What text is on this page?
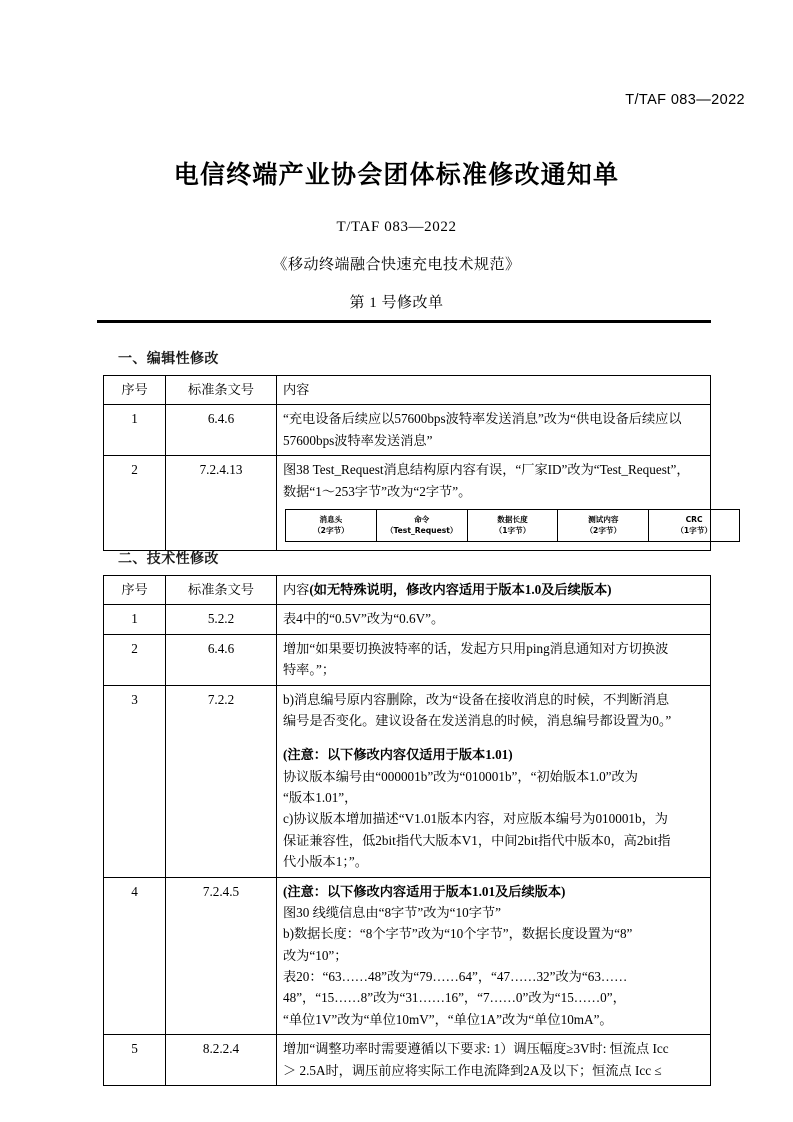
T/TAF 083—2022
电信终端产业协会团体标准修改通知单
T/TAF 083—2022
《移动终端融合快速充电技术规范》
第 1 号修改单
一、编辑性修改
序号	标准条文号	内容
1	6.4.6	“充电设备后续应以57600bps波特率发送消息”改为“供电设备后续应以
57600bps波特率发送消息”

2	7.2.4.13	图38 Test_Request消息结构原内容有误，“厂家ID”改为“Test_Request”，
数据“1～253字节”改为“2字节”。
消息头
（2字节）

命令
（Test_Request）

数据长度
（1字节）

测试内容
（2字节）

CRC
（1字节）
二、技术性修改
序号	标准条文号	内容(如无特殊说明，修改内容适用于版本1.0及后续版本)
1	5.2.2	表4中的“0.5V”改为“0.6V”。

2	6.4.6	增加“如果要切换波特率的话，发起方只用ping消息通知对方切换波
特率。”；

3	7.2.2	b)消息编号原内容删除，改为“设备在接收消息的时候，不判断消息
编号是否变化。建议设备在发送消息的时候，消息编号都设置为0。”
(注意：以下修改内容仅适用于版本1.01)
协议版本编号由“000001b”改为“010001b”，“初始版本1.0”改为
“版本1.01”，
c)协议版本增加描述“V1.01版本内容，对应版本编号为010001b，为
保证兼容性，低2bit指代大版本V1，中间2bit指代中版本0，高2bit指
代小版本1；”。

4	7.2.4.5	(注意：以下修改内容适用于版本1.01及后续版本)
图30 线缆信息由“8字节”改为“10字节”
b)数据长度：“8个字节”改为“10个字节”，数据长度设置为“8”
改为“10”；
表20：“63……48”改为“79……64”，“47……32”改为“63……
48”，“15……8”改为“31……16”，“7……0”改为“15……0”，
“单位1V”改为“单位10mV”，“单位1A”改为“单位10mA”。

5	8.2.2.4	增加“调整功率时需要遵循以下要求: 1）调压幅度≥3V时: 恒流点 Icc
＞ 2.5A时，调压前应将实际工作电流降到2A及以下；恒流点 Icc ≤
